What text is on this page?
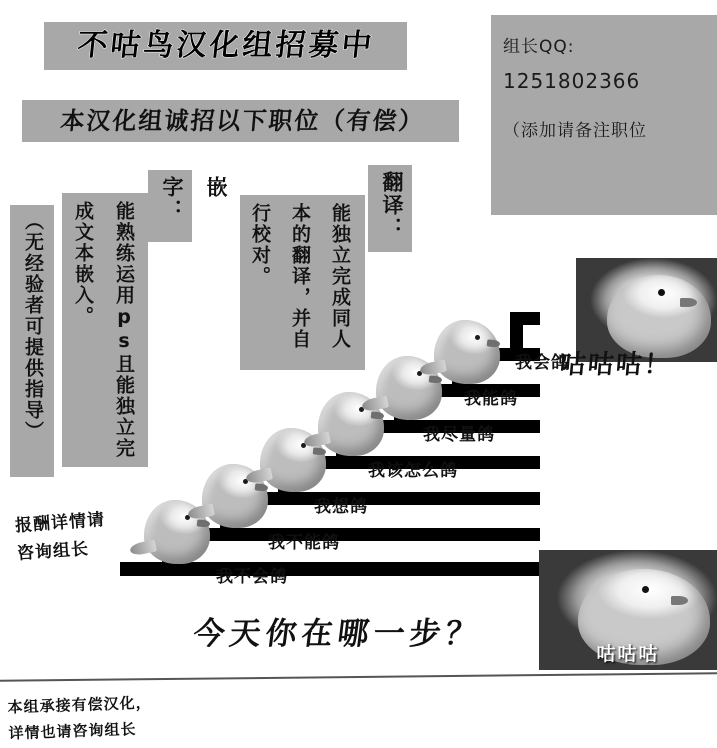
不咕鸟汉化组招募中
本汉化组诚招以下职位（有偿）
组长QQ:
1251802366
（添加请备注职位
翻译：
能独立完成同人本的翻译，并自行校对。
嵌字：
能熟练运用ps且能独立完成文本嵌入。
（无经验者可提供指导）
报酬详情请
咨询组长
我不会鸽
我不能鸽
我想鸽
我该怎么鸽
我尽量鸽
我能鸽
我会鸽
咕咕咕！
咕咕咕
今天你在哪一步？
本组承接有偿汉化，
详情也请咨询组长
